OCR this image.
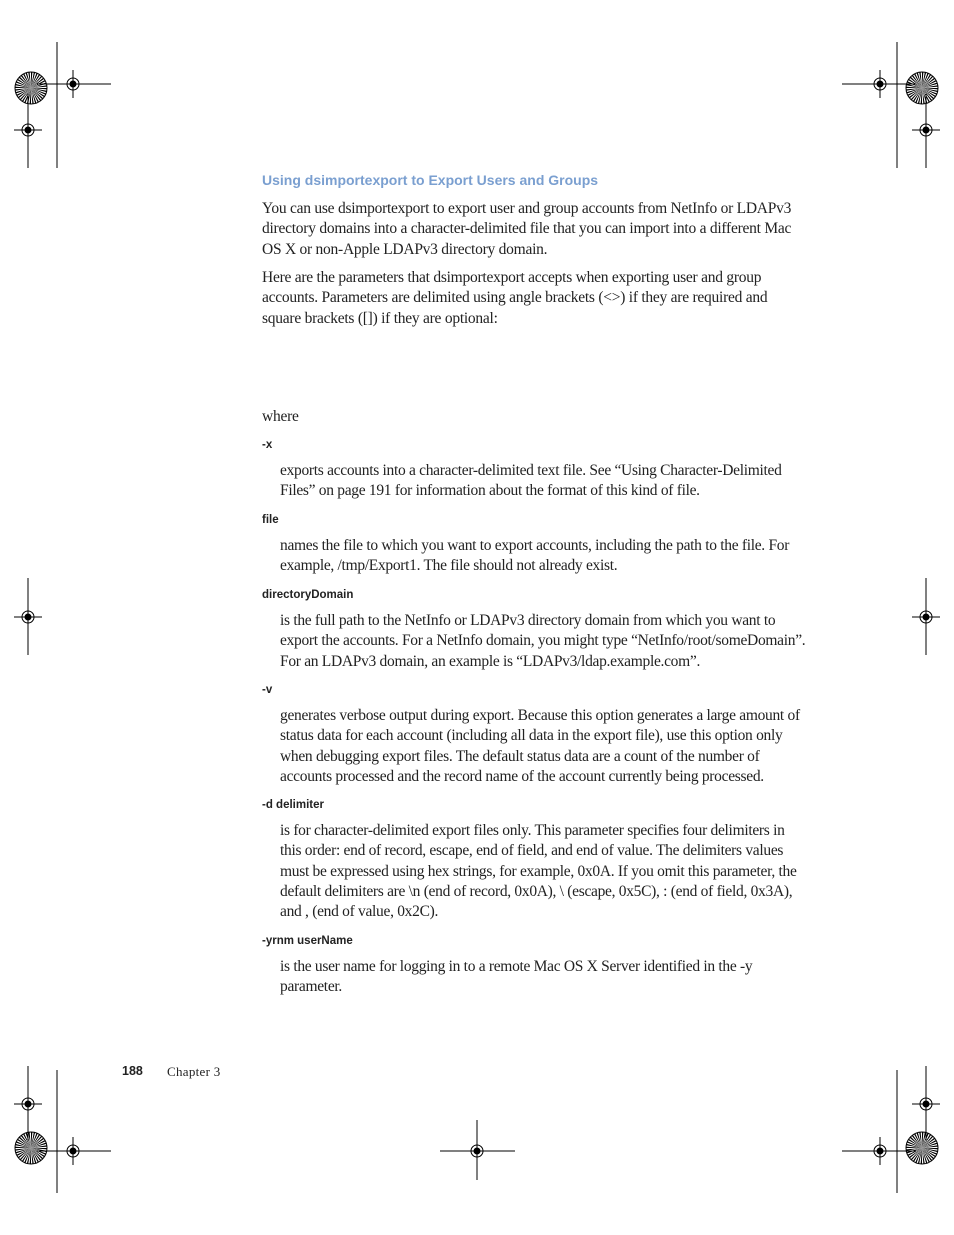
Using dsimportexport to Export Users and Groups
You can use dsimportexport to export user and group accounts from NetInfo or LDAPv3 directory domains into a character-delimited file that you can import into a different Mac OS X or non-Apple LDAPv3 directory domain.
Here are the parameters that dsimportexport accepts when exporting user and group accounts. Parameters are delimited using angle brackets (<>) if they are required and square brackets ([]) if they are optional:
where
-x
exports accounts into a character-delimited text file. See “Using Character-Delimited Files” on page 191 for information about the format of this kind of file.
file
names the file to which you want to export accounts, including the path to the file. For example, /tmp/Export1. The file should not already exist.
directoryDomain
is the full path to the NetInfo or LDAPv3 directory domain from which you want to export the accounts. For a NetInfo domain, you might type “NetInfo/root/someDomain”. For an LDAPv3 domain, an example is “LDAPv3/ldap.example.com”.
-v
generates verbose output during export. Because this option generates a large amount of status data for each account (including all data in the export file), use this option only when debugging export files. The default status data are a count of the number of accounts processed and the record name of the account currently being processed.
-d delimiter
is for character-delimited export files only. This parameter specifies four delimiters in this order: end of record, escape, end of field, and end of value. The delimiters values must be expressed using hex strings, for example, 0x0A. If you omit this parameter, the default delimiters are \n (end of record, 0x0A), \ (escape, 0x5C), : (end of field, 0x3A), and , (end of value, 0x2C).
-yrnm userName
is the user name for logging in to a remote Mac OS X Server identified in the -y parameter.
188 Chapter 3
